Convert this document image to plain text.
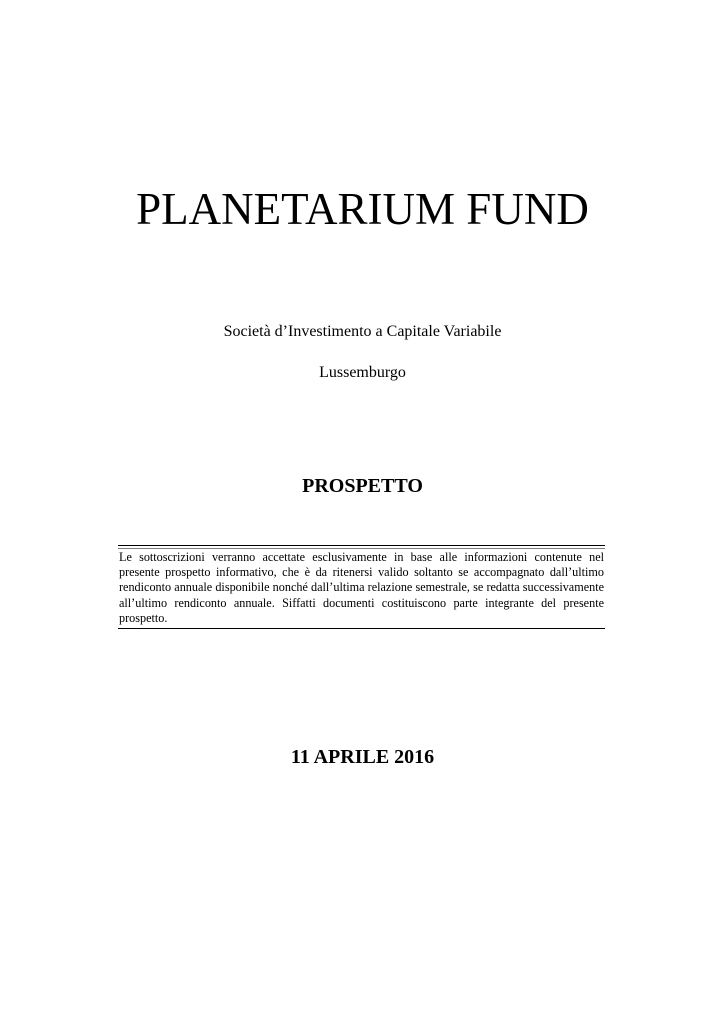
PLANETARIUM FUND

Società d’Investimento a Capitale Variabile

Lussemburgo

PROSPETTO

Le sottoscrizioni verranno accettate esclusivamente in base alle informazioni contenute nel presente prospetto informativo, che è da ritenersi valido soltanto se accompagnato dall’ultimo rendiconto annuale disponibile nonché dall’ultima relazione semestrale, se redatta successivamente all’ultimo rendiconto annuale. Siffatti documenti costituiscono parte integrante del presente prospetto.

11 APRILE 2016
